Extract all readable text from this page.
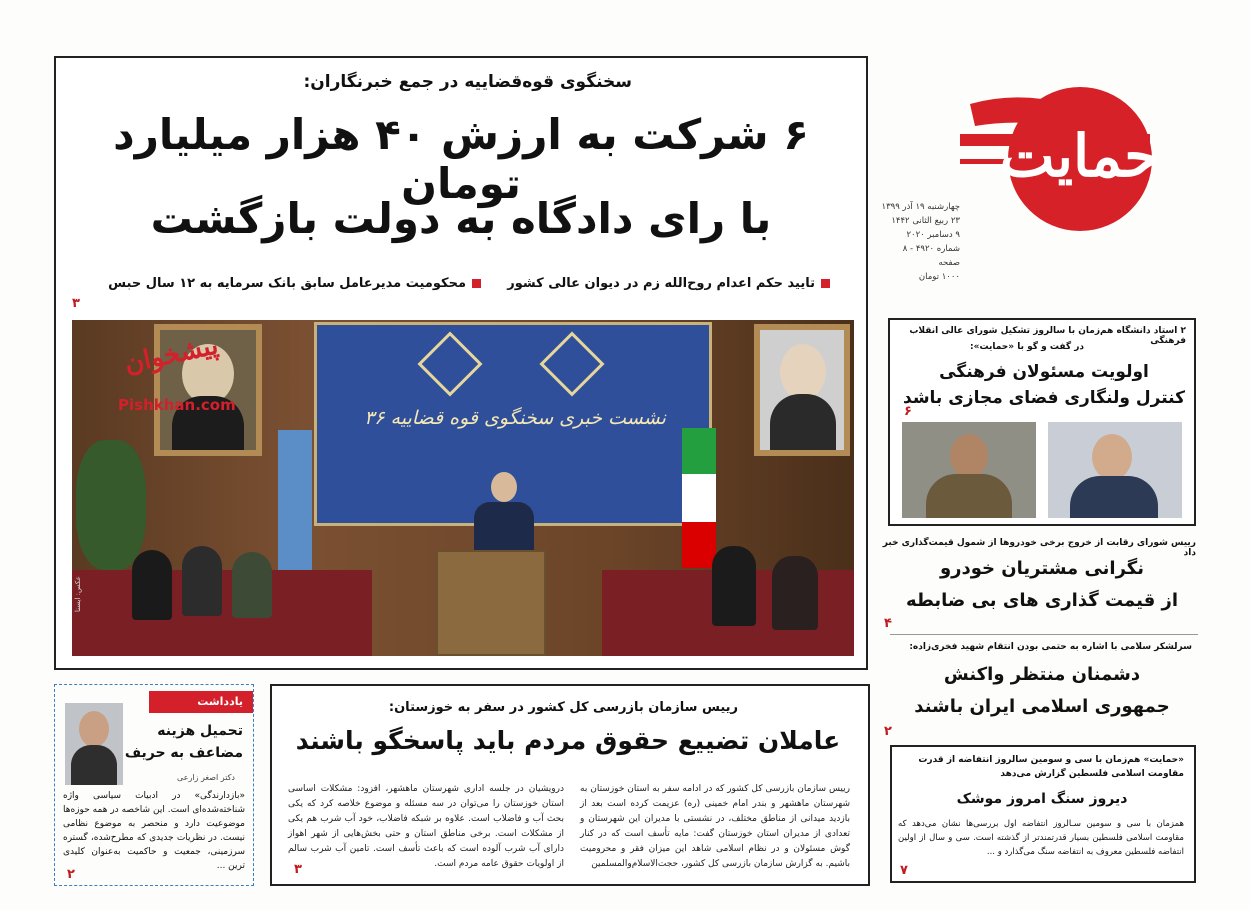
حمایت
چهارشنبه ۱۹ آذر ۱۳۹۹
۲۳ ربیع الثانی ۱۴۴۲
۹ دسامبر ۲۰۲۰
شماره ۴۹۲۰ - ۸ صفحه
۱۰۰۰ تومان
سخنگوی قوه‌قضاییه در جمع خبرنگاران:
۶ شرکت به ارزش ۴۰ هزار میلیارد تومان
با رای دادگاه به دولت بازگشت
تایید حکم اعدام روح‌الله زم در دیوان عالی کشور
محکومیت مدیرعامل سابق بانک سرمایه به ۱۲ سال حبس
۳
نشست خبری سخنگوی قوه قضاییه ۳۶
پیشخوان
Pishkhan.com
عکس: ایسنا
۲ استاد دانشگاه هم‌زمان با سالروز تشکیل شورای عالی انقلاب فرهنگی
در گفت و گو با «حمایت»:
اولویت مسئولان فرهنگی
کنترل ولنگاری فضای مجازی باشد
۶
رییس شورای رقابت از خروج برخی خودروها از شمول قیمت‌گذاری خبر داد
نگرانی مشتریان خودرو
از قیمت گذاری های بی ضابطه
۴
سرلشکر سلامی با اشاره به حتمی بودن انتقام شهید فخری‌زاده:
دشمنان منتظر واکنش
جمهوری اسلامی ایران باشند
۲
«حمایت» هم‌زمان با سی و سومین سالروز انتفاضه از قدرت مقاومت اسلامی فلسطین گزارش می‌دهد
دیروز سنگ امروز موشک
همزمان با سی و سومین سـالروز انتفاضه اول بررسی‌ها نشان می‌دهد که مقاومت اسلامی فلسطین بسیار قدرتمندتر از گذشته است. سی و سال از اولین انتفاضه فلسطین معروف به انتفاضه سنگ می‌گذارد و ...
۷
رییس سازمان بازرسی کل کشور در سفر به خوزستان:
عاملان تضییع حقوق مردم باید پاسخگو باشند
رییس سازمان بازرسی کل کشور که در ادامه سفر به استان خوزستان به شهرستان ماهشهر و بندر امام خمینی (ره) عزیمت کرده است بعد از بازدید میدانی از مناطق مختلف، در نشستی با مدیران این شهرستان و تعدادی از مدیران استان خوزستان گفت: مایه تأسف است که در کنار گوش مسئولان و در نظام اسلامی شاهد این میزان فقر و محرومیت باشیم. به گزارش سازمان بازرسی کل کشور، حجت‌الاسلام‌والمسلمین
درویشیان در جلسه اداری شهرستان ماهشهر، افزود: مشکلات اساسی استان خوزستان را می‌توان در سه مسئله و موضوع خلاصه کرد که یکی بحث آب و فاضلاب است. علاوه بر شبکه فاضلاب، خود آب شرب هم یکی از مشکلات است. برخی مناطق استان و حتی بخش‌هایی از شهر اهواز دارای آب شرب آلوده است که باعث تأسف است. تامین آب شرب سالم از اولویات حقوق عامه مردم است.
۳
یادداشت
تحمیل هزینه
مضاعف به حریف
دکتر اصغر زارعی
«بازدارندگی» در ادبیات سیاسی واژه شناخته‌شده‌ای است. این شاخصه در همه حوزه‌ها موضوعیت دارد و منحصر به موضوع نظامی نیست. در نظریات جدیدی که مطرح‌شده، گستره سرزمینی، جمعیت و حاکمیت به‌عنوان کلیدی ترین ...
۲
